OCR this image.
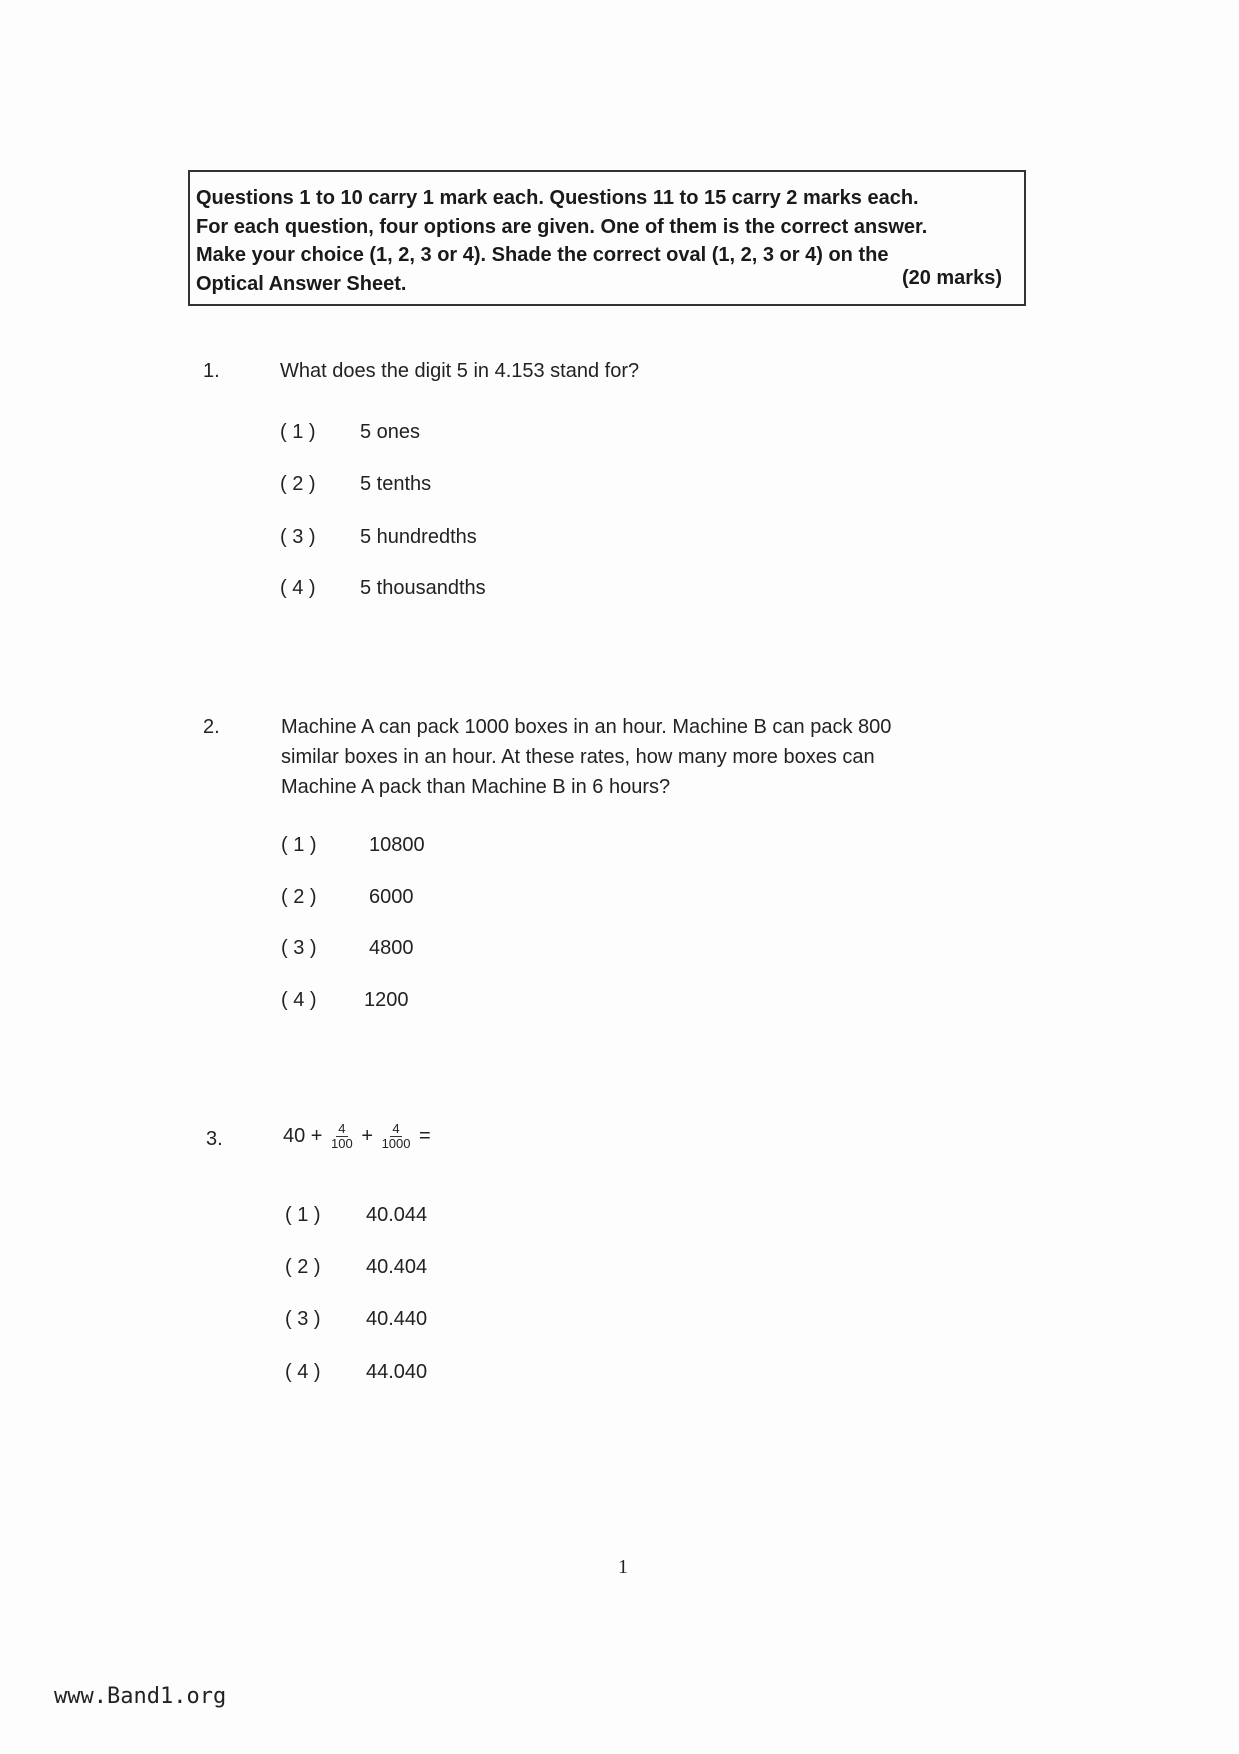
Questions 1 to 10 carry 1 mark each. Questions 11 to 15 carry 2 marks each.
For each question, four options are given. One of them is the correct answer.
Make your choice (1, 2, 3 or 4). Shade the correct oval (1, 2, 3 or 4) on the
Optical Answer Sheet.	(20 marks)
1.	What does the digit 5 in 4.153 stand for?
( 1 ) 5 ones
( 2 ) 5 tenths
( 3 ) 5 hundredths
( 4 ) 5 thousandths
2.	Machine A can pack 1000 boxes in an hour. Machine B can pack 800
similar boxes in an hour. At these rates, how many more boxes can
Machine A pack than Machine B in 6 hours?
( 1 )	10800
( 2 )	6000
( 3 )	4800
( 4 ) 1200
3.	$40 + \frac{4}{100} + \frac{4}{1000}$ =
( 1 ) 40.044
( 2 ) 40.404
( 3 ) 40.440
( 4 ) 44.040
1
www.Band1.org
